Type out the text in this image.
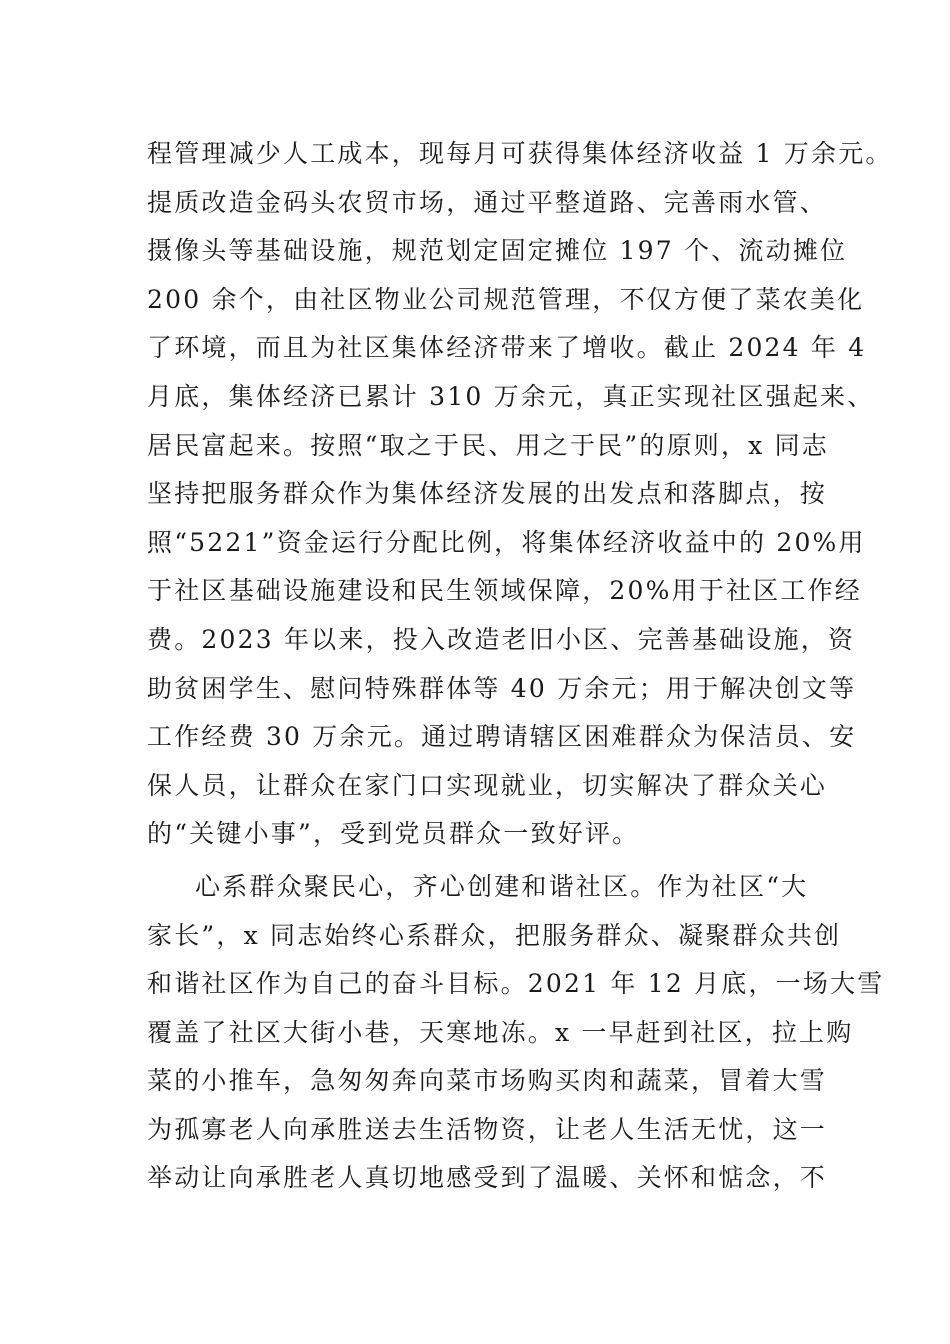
程管理减少人工成本，现每月可获得集体经济收益 1 万余元。
提质改造金码头农贸市场，通过平整道路、完善雨水管、
摄像头等基础设施，规范划定固定摊位 197 个、流动摊位
200 余个，由社区物业公司规范管理，不仅方便了菜农美化
了环境，而且为社区集体经济带来了增收。截止 2024 年 4
月底，集体经济已累计 310 万余元，真正实现社区强起来、
居民富起来。按照“取之于民、用之于民”的原则，x 同志
坚持把服务群众作为集体经济发展的出发点和落脚点，按
照“5221”资金运行分配比例，将集体经济收益中的 20%用
于社区基础设施建设和民生领域保障，20%用于社区工作经
费。2023 年以来，投入改造老旧小区、完善基础设施，资
助贫困学生、慰问特殊群体等 40 万余元；用于解决创文等
工作经费 30 万余元。通过聘请辖区困难群众为保洁员、安
保人员，让群众在家门口实现就业，切实解决了群众关心
的“关键小事”，受到党员群众一致好评。
心系群众聚民心，齐心创建和谐社区。作为社区“大
家长”，x 同志始终心系群众，把服务群众、凝聚群众共创
和谐社区作为自己的奋斗目标。2021 年 12 月底，一场大雪
覆盖了社区大街小巷，天寒地冻。x 一早赶到社区，拉上购
菜的小推车，急匆匆奔向菜市场购买肉和蔬菜，冒着大雪
为孤寡老人向承胜送去生活物资，让老人生活无忧，这一
举动让向承胜老人真切地感受到了温暖、关怀和惦念，不
